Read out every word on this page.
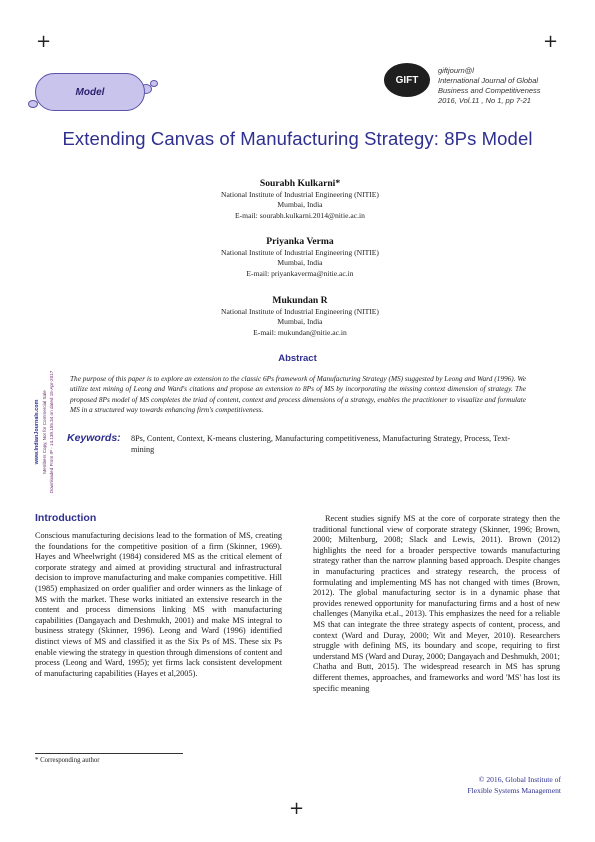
+	+
+
Model
GIFT
giftjourn@l
International Journal of Global
Business and Competitiveness
2016, Vol.11 , No 1, pp 7-21
Extending Canvas of Manufacturing Strategy: 8Ps Model
Sourabh Kulkarni*
National Institute of Industrial Engineering (NITIE)
Mumbai, India
E-mail: sourabh.kulkarni.2014@nitie.ac.in
Priyanka Verma
National Institute of Industrial Engineering (NITIE)
Mumbai, India
E-mail: priyankaverma@nitie.ac.in
Mukundan R
National Institute of Industrial Engineering (NITIE)
Mumbai, India
E-mail: mukundan@nitie.ac.in
www.IndianJournals.com Members Copy, Not for Commercial Sale Downloaded From IP - 14.139.155.34 on dated 15-Apr-2017
Abstract
The purpose of this paper is to explore an extension to the classic 6Ps framework of Manufacturing Strategy (MS) suggested by Leong and Ward (1996). We utilize text mining of Leong and Ward's citations and propose an extension to 8Ps of MS by incorporating the missing context dimension of strategy. The proposed 8Ps model of MS completes the triad of content, context and process dimensions of a strategy, enables the practitioner to visualize and formulate MS in a structured way towards enhancing firm's competitiveness.
Keywords: 8Ps, Content, Context, K-means clustering, Manufacturing competitiveness, Manufacturing Strategy, Process, Text-mining
Introduction
Conscious manufacturing decisions lead to the formation of MS, creating the foundations for the competitive position of a firm (Skinner, 1969). Hayes and Wheelwright (1984) considered MS as the critical element of corporate strategy and aimed at providing structural and infrastructural decision to improve manufacturing and make companies competitive. Hill (1985) emphasized on order qualifier and order winners as the linkage of MS with the market. These works initiated an extensive research in the content and process dimensions linking MS with manufacturing capabilities (Dangayach and Deshmukh, 2001) and make MS integral to business strategy (Skinner, 1996). Leong and Ward (1996) identified distinct views of MS and classified it as the Six Ps of MS. These six Ps enable viewing the strategy in question through dimensions of content and process (Leong and Ward, 1995); yet firms lack consistent development of manufacturing capabilities (Hayes et al,2005).
Recent studies signify MS at the core of corporate strategy then the traditional functional view of corporate strategy (Skinner, 1996; Brown, 2000; Miltenburg, 2008; Slack and Lewis, 2011). Brown (2012) highlights the need for a broader perspective towards manufacturing strategy rather than the narrow planning based approach. Despite changes in manufacturing practices and strategy research, the process of formulating and implementing MS has not changed with times (Brown, 2012). The global manufacturing sector is in a dynamic phase that provides renewed opportunity for manufacturing firms and a host of new challenges (Manyika et.al., 2013). This emphasizes the need for a reliable MS that can integrate the three strategy aspects of content, process, and context (Ward and Duray, 2000; Wit and Meyer, 2010). Researchers struggle with defining MS, its boundary and scope, requiring to first understand MS (Ward and Duray, 2000; Dangayach and Deshmukh, 2001; Chatha and Butt, 2015). The widespread research in MS has sprung different themes, approaches, and frameworks and word 'MS' has lost its specific meaning
* Corresponding author
© 2016, Global Institute of
Flexible Systems Management
